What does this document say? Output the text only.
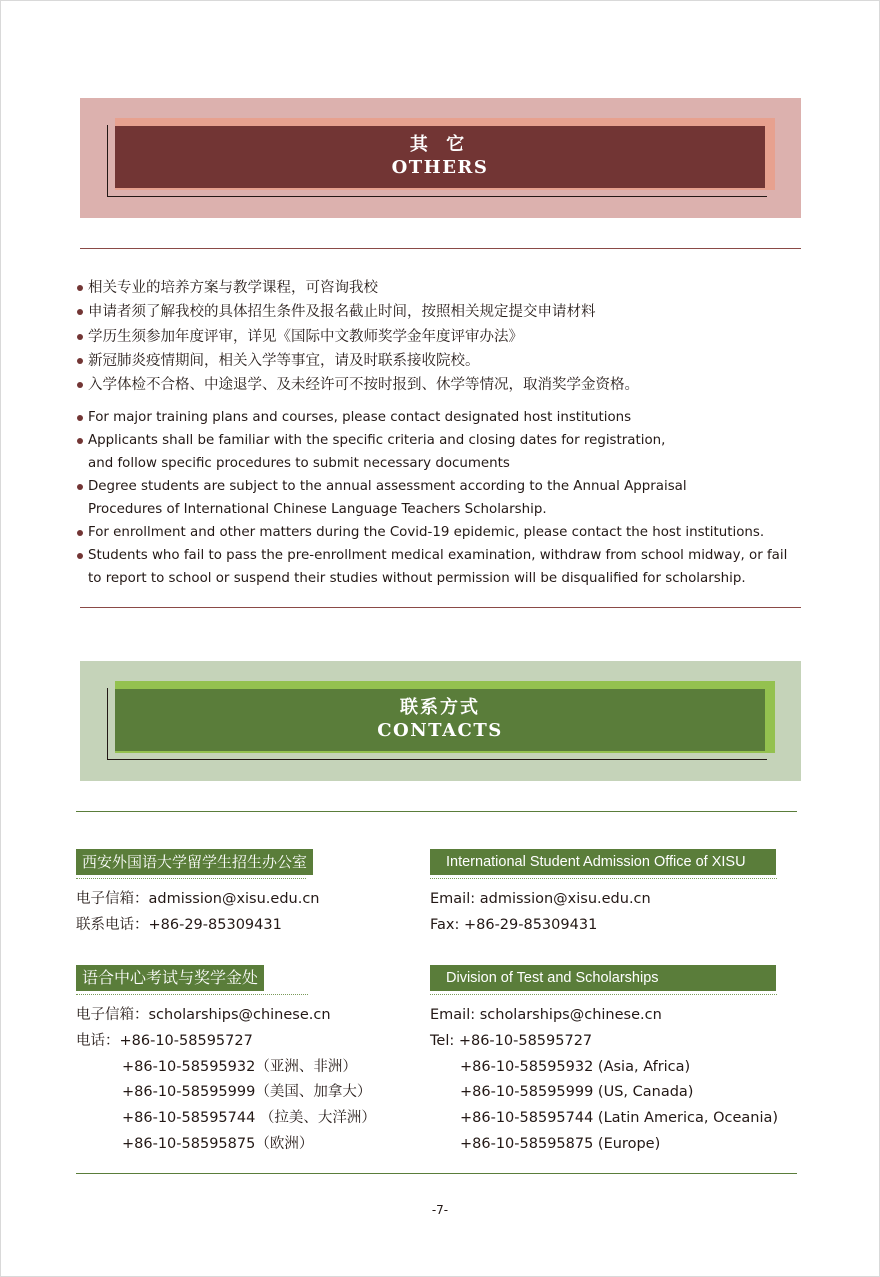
其 它
OTHERS
相关专业的培养方案与教学课程，可咨询我校
申请者须了解我校的具体招生条件及报名截止时间，按照相关规定提交申请材料
学历生须参加年度评审，详见《国际中文教师奖学金年度评审办法》
新冠肺炎疫情期间，相关入学等事宜，请及时联系接收院校。
入学体检不合格、中途退学、及未经许可不按时报到、休学等情况，取消奖学金资格。
For major training plans and courses, please contact designated host institutions
Applicants shall be familiar with the specific criteria and closing dates for registration,
and follow specific procedures to submit necessary documents
Degree students are subject to the annual assessment according to the Annual Appraisal
Procedures of International Chinese Language Teachers Scholarship.
For enrollment and other matters during the Covid-19 epidemic, please contact the host institutions.
Students who fail to pass the pre-enrollment medical examination, withdraw from school midway, or fail
to report to school or suspend their studies without permission will be disqualified for scholarship.
联系方式
CONTACTS
西安外国语大学留学生招生办公室
电子信箱：admission@xisu.edu.cn
联系电话：+86-29-85309431
International Student Admission Office of XISU
Email: admission@xisu.edu.cn
Fax: +86-29-85309431
语合中心考试与奖学金处
电子信箱：scholarships@chinese.cn
电话：+86-10-58595727
+86-10-58595932（亚洲、非洲）
+86-10-58595999（美国、加拿大）
+86-10-58595744 （拉美、大洋洲）
+86-10-58595875（欧洲）
Division of Test and Scholarships
Email: scholarships@chinese.cn
Tel: +86-10-58595727
+86-10-58595932 (Asia, Africa)
+86-10-58595999 (US, Canada)
+86-10-58595744 (Latin America, Oceania)
+86-10-58595875 (Europe)
-7-
